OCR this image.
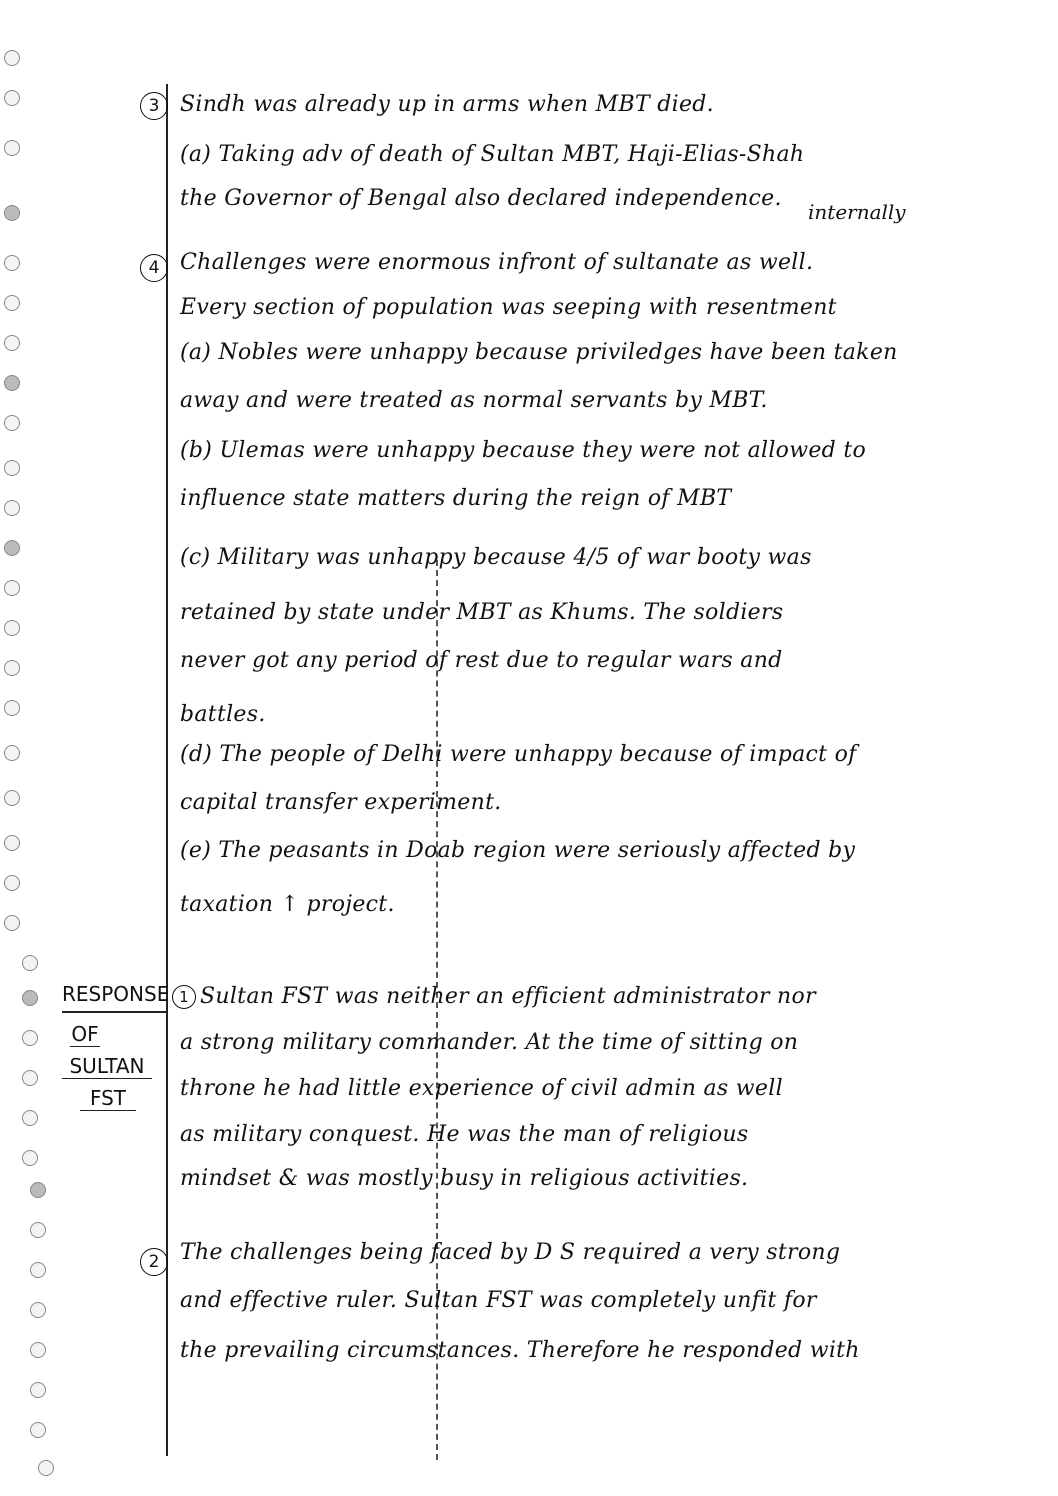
3 Sindh was already up in arms when MBT died.
(a) Taking adv of death of Sultan MBT, Haji-Elias-Shah
the Governor of Bengal also declared independence.
internally
4 Challenges were enormous infront of sultanate as well.
Every section of population was seeping with resentment
(a) Nobles were unhappy because priviledges have been taken
away and were treated as normal servants by MBT.
(b) Ulemas were unhappy because they were not allowed to
influence state matters during the reign of MBT
(c) Military was unhappy because 4/5 of war booty was
retained by state under MBT as Khums. The soldiers
never got any period of rest due to regular wars and
battles.
(d) The people of Delhi were unhappy because of impact of
capital transfer experiment.
(e) The peasants in Doab region were seriously affected by
taxation ↑ project.
RESPONSE
OF
SULTAN
FST
1 Sultan FST was neither an efficient administrator nor
a strong military commander. At the time of sitting on
throne he had little experience of civil admin as well
as military conquest. He was the man of religious
mindset & was mostly busy in religious activities.
2 The challenges being faced by D S required a very strong
and effective ruler. Sultan FST was completely unfit for
the prevailing circumstances. Therefore he responded with
